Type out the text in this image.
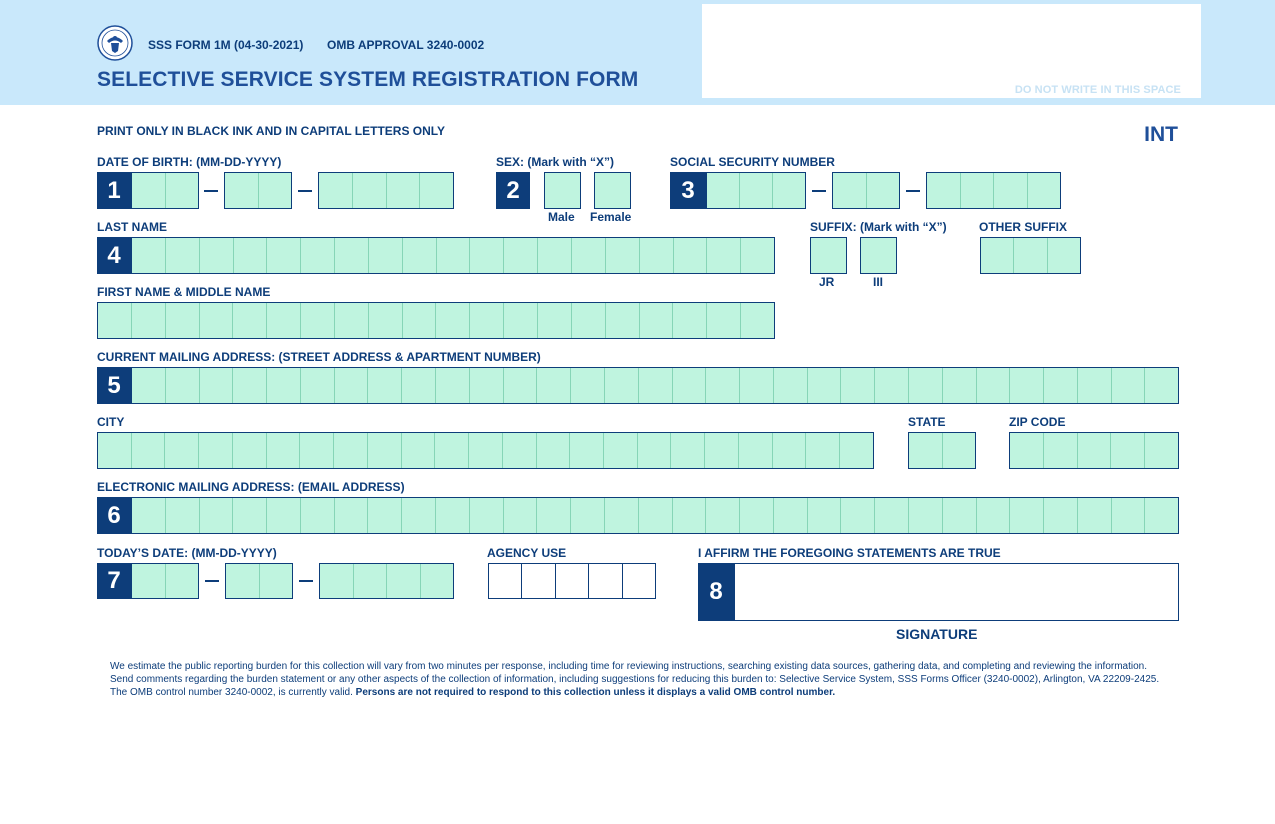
DO NOT WRITE IN THIS SPACE
SSS FORM 1M (04-30-2021) OMB APPROVAL 3240-0002
SELECTIVE SERVICE SYSTEM REGISTRATION FORM
PRINT ONLY IN BLACK INK AND IN CAPITAL LETTERS ONLY	INT
DATE OF BIRTH: (MM-DD-YYYY)
1
SEX: (Mark with “X”)
2
Male Female
SOCIAL SECURITY NUMBER
3
LAST NAME
4
SUFFIX: (Mark with “X”)
JR	III
OTHER SUFFIX
FIRST NAME & MIDDLE NAME
CURRENT MAILING ADDRESS: (STREET ADDRESS & APARTMENT NUMBER)
5
CITY	STATE	ZIP CODE
ELECTRONIC MAILING ADDRESS: (EMAIL ADDRESS)
6
TODAY’S DATE: (MM-DD-YYYY)
7
AGENCY USE	I AFFIRM THE FOREGOING STATEMENTS ARE TRUE
8
SIGNATURE
We estimate the public reporting burden for this collection will vary from two minutes per response, including time for reviewing instructions, searching existing data sources, gathering data, and completing and reviewing the information. Send comments regarding the burden statement or any other aspects of the collection of information, including suggestions for reducing this burden to: Selective Service System, SSS Forms Officer (3240-0002), Arlington, VA 22209-2425. The OMB control number 3240-0002, is currently valid. Persons are not required to respond to this collection unless it displays a valid OMB control number.
